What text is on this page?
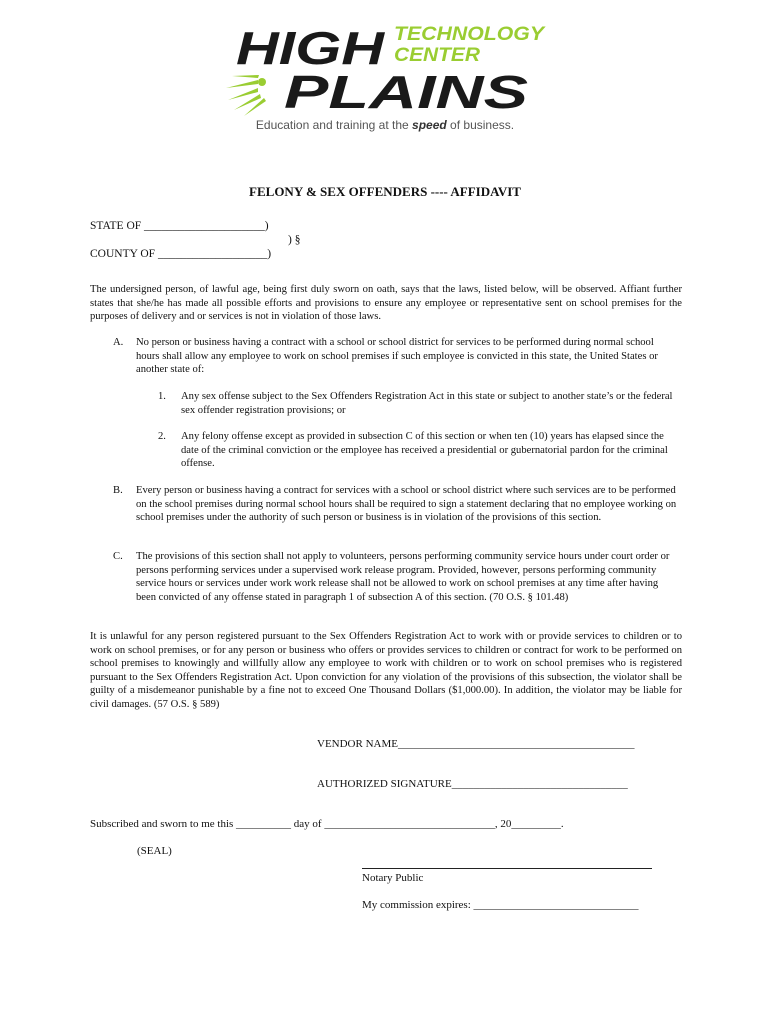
HIGH
PLAINS
TECHNOLOGY
CENTER
Education and training at the speed of business.
FELONY & SEX OFFENDERS ---- AFFIDAVIT
STATE OF _____________________)
) §
COUNTY OF ___________________)
The undersigned person, of lawful age, being first duly sworn on oath, says that the laws, listed below, will be observed. Affiant further states that she/he has made all possible efforts and provisions to ensure any employee or representative sent on school premises for the purposes of delivery and or services is not in violation of those laws.
A. No person or business having a contract with a school or school district for services to be performed during normal school hours shall allow any employee to work on school premises if such employee is convicted in this state, the United States or another state of:
1. Any sex offense subject to the Sex Offenders Registration Act in this state or subject to another state’s or the federal sex offender registration provisions; or
2. Any felony offense except as provided in subsection C of this section or when ten (10) years has elapsed since the date of the criminal conviction or the employee has received a presidential or gubernatorial pardon for the criminal offense.
B. Every person or business having a contract for services with a school or school district where such services are to be performed on the school premises during normal school hours shall be required to sign a statement declaring that no employee working on school premises under the authority of such person or business is in violation of the provisions of this section.
C. The provisions of this section shall not apply to volunteers, persons performing community service hours under court order or persons performing services under a supervised work release program. Provided, however, persons performing community service hours or services under work work release shall not be allowed to work on school premises at any time after having been convicted of any offense stated in paragraph 1 of subsection A of this section. (70 O.S. § 101.48)
It is unlawful for any person registered pursuant to the Sex Offenders Registration Act to work with or provide services to children or to work on school premises, or for any person or business who offers or provides services to children or contract for work to be performed on school premises to knowingly and willfully allow any employee to work with children or to work on school premises who is registered pursuant to the Sex Offenders Registration Act. Upon conviction for any violation of the provisions of this subsection, the violator shall be guilty of a misdemeanor punishable by a fine not to exceed One Thousand Dollars ($1,000.00). In addition, the violator may be liable for civil damages. (57 O.S. § 589)
VENDOR NAME___________________________________________
AUTHORIZED SIGNATURE________________________________
Subscribed and sworn to me this __________ day of _______________________________, 20_________.
(SEAL)
Notary Public
My commission expires: ______________________________
